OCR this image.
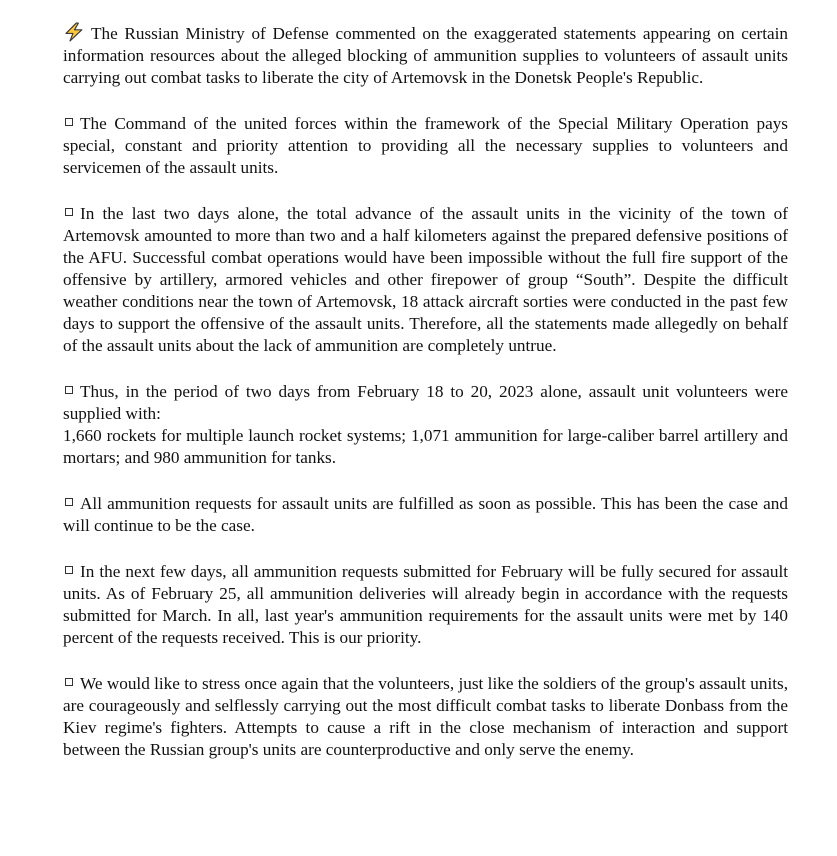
The Russian Ministry of Defense commented on the exaggerated statements appearing on certain information resources about the alleged blocking of ammunition supplies to volunteers of assault units carrying out combat tasks to liberate the city of Artemovsk in the Donetsk People's Republic.

The Command of the united forces within the framework of the Special Military Operation pays special, constant and priority attention to providing all the necessary supplies to volunteers and servicemen of the assault units.

In the last two days alone, the total advance of the assault units in the vicinity of the town of Artemovsk amounted to more than two and a half kilometers against the prepared defensive positions of the AFU. Successful combat operations would have been impossible without the full fire support of the offensive by artillery, armored vehicles and other firepower of group “South”. Despite the difficult weather conditions near the town of Artemovsk, 18 attack aircraft sorties were conducted in the past few days to support the offensive of the assault units. Therefore, all the statements made allegedly on behalf of the assault units about the lack of ammunition are completely untrue.

Thus, in the period of two days from February 18 to 20, 2023 alone, assault unit volunteers were supplied with:
1,660 rockets for multiple launch rocket systems; 1,071 ammunition for large-caliber barrel artillery and mortars; and 980 ammunition for tanks.

All ammunition requests for assault units are fulfilled as soon as possible. This has been the case and will continue to be the case.

In the next few days, all ammunition requests submitted for February will be fully secured for assault units. As of February 25, all ammunition deliveries will already begin in accordance with the requests submitted for March. In all, last year's ammunition requirements for the assault units were met by 140 percent of the requests received. This is our priority.

We would like to stress once again that the volunteers, just like the soldiers of the group's assault units, are courageously and selflessly carrying out the most difficult combat tasks to liberate Donbass from the Kiev regime's fighters. Attempts to cause a rift in the close mechanism of interaction and support between the Russian group's units are counterproductive and only serve the enemy.
